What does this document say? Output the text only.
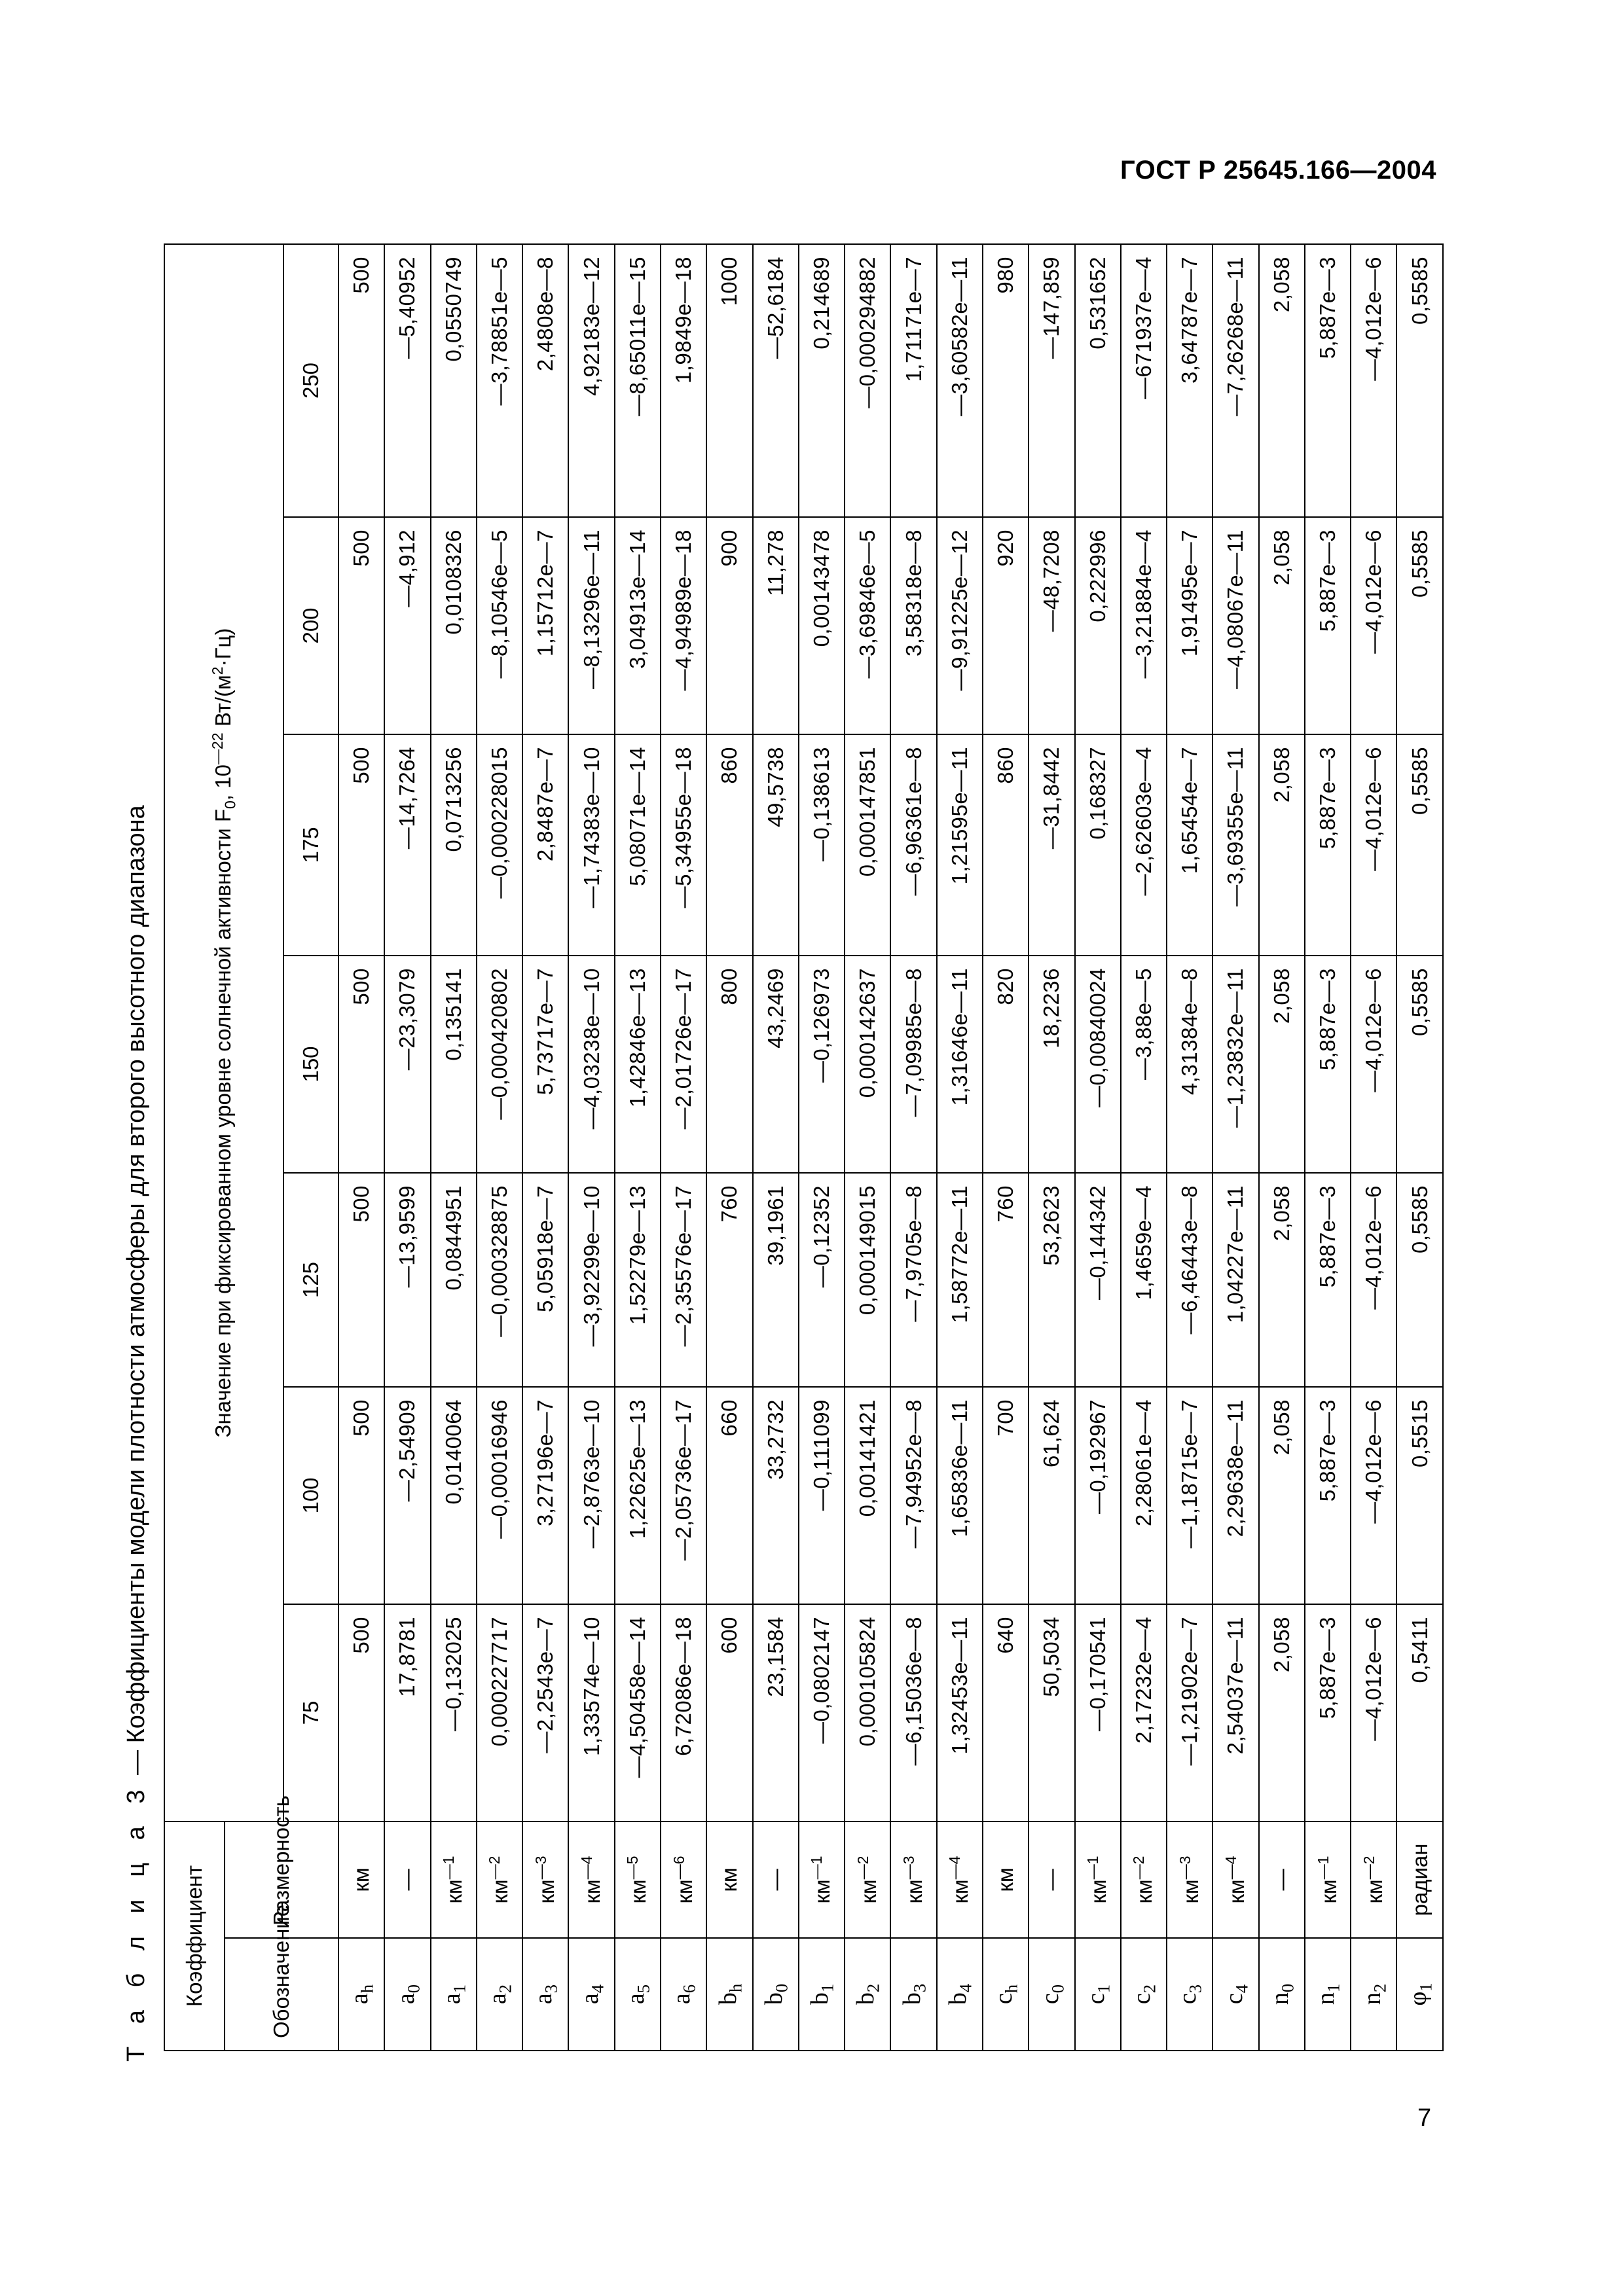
ГОСТ Р 25645.166—2004
Т а б л и ц а 3 — Коэффициенты модели плотности атмосферы для второго высотного диапазона
Коэффициент		Значение при фиксированном уровне солнечной активности $F_0$, $10^{—22}$ $Вт/(м^2\cdot Гц)$						
Обозначение	Размерность							
		75	100	125	150	175	200	250
$a_h$	км	500	500	500	500	500	500	500
$a_0$	—	17,8781	—2,54909	—13,9599	—23,3079	—14,7264	—4,912	—5,40952
$a_1$	$км^{—1}$	—0,132025	0,0140064	0,0844951	0,135141	0,0713256	0,0108326	0,0550749
$a_2$	$км^{—2}$	0,000227717	—0,00016946	—0,000328875	—0,000420802	—0,000228015	—8,10546e—5	—3,78851e—5
$a_3$	$км^{—3}$	—2,2543e—7	3,27196e—7	5,05918e—7	5,73717e—7	2,8487e—7	1,15712e—7	2,4808e—8
$a_4$	$км^{—4}$	1,33574e—10	—2,8763e—10	—3,92299e—10	—4,03238e—10	—1,74383e—10	—8,13296e—11	4,92183e—12
$a_5$	$км^{—5}$	—4,50458e—14	1,22625e—13	1,52279e—13	1,42846e—13	5,08071e—14	3,04913e—14	—8,65011e—15
$a_6$	$км^{—6}$	6,72086e—18	—2,05736e—17	—2,35576e—17	—2,01726e—17	—5,34955e—18	—4,94989e—18	1,9849e—18
$b_h$	км	600	660	760	800	860	900	1000
$b_0$	—	23,1584	33,2732	39,1961	43,2469	49,5738	11,278	—52,6184
$b_1$	$км^{—1}$	—0,0802147	—0,111099	—0,12352	—0,126973	—0,138613	0,00143478	0,214689
$b_2$	$км^{—2}$	0,000105824	0,00141421	0,000149015	0,000142637	0,000147851	—3,69846e—5	—0,000294882
$b_3$	$км^{—3}$	—6,15036e—8	—7,94952e—8	—7,9705e—8	—7,09985e—8	—6,96361e—8	3,58318e—8	1,71171e—7
$b_4$	$км^{—4}$	1,32453e—11	1,65836e—11	1,58772e—11	1,31646e—11	1,21595e—11	—9,91225e—12	—3,60582e—11
$c_h$	км	640	700	760	820	860	920	980
$c_0$	—	50,5034	61,624	53,2623	18,2236	—31,8442	—48,7208	—147,859
$c_1$	$км^{—1}$	—0,170541	—0,192967	—0,144342	—0,00840024	0,168327	0,222996	0,531652
$c_2$	$км^{—2}$	2,17232e—4	2,28061e—4	1,4659e—4	—3,88e—5	—2,62603e—4	—3,21884e—4	—671937e—4
$c_3$	$км^{—3}$	—1,21902e—7	—1,18715e—7	—6,46443e—8	4,31384e—8	1,65454e—7	1,91495e—7	3,64787e—7
$c_4$	$км^{—4}$	2,54037e—11	2,29638e—11	1,04227e—11	—1,23832e—11	—3,69355e—11	—4,08067e—11	—7,26268e—11
$n_0$	—	2,058	2,058	2,058	2,058	2,058	2,058	2,058
$n_1$	$км^{—1}$	5,887e—3	5,887e—3	5,887e—3	5,887e—3	5,887e—3	5,887e—3	5,887e—3
$n_2$	$км^{—2}$	—4,012e—6	—4,012e—6	—4,012e—6	—4,012e—6	—4,012e—6	—4,012e—6	—4,012e—6
$\varphi_1$	радиан	0,5411	0,5515	0,5585	0,5585	0,5585	0,5585	0,5585
7
